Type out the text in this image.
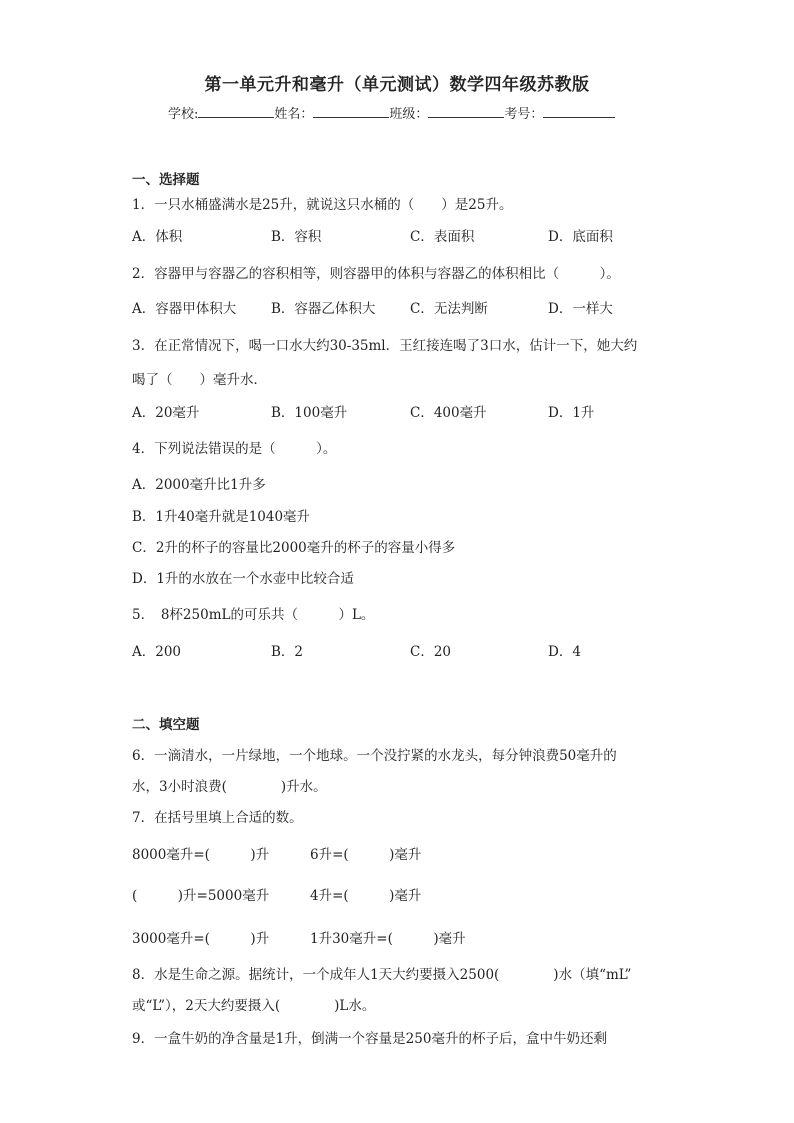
第一单元升和毫升（单元测试）数学四年级苏教版
学校:	姓名：	班级：	考号：
一、选择题
1．一只水桶盛满水是25升，就说这只水桶的（　　）是25升。
A．体积	B．容积	C．表面积	D．底面积
2．容器甲与容器乙的容积相等，则容器甲的体积与容器乙的体积相比（　　　）。
A．容器甲体积大	B．容器乙体积大	C．无法判断	D．一样大
3．在正常情况下，喝一口水大约30-35ml．王红接连喝了3口水，估计一下，她大约
喝了（　　）毫升水．
A．20毫升	B．100毫升	C．400毫升	D．1升
4．下列说法错误的是（　　　）。
A．2000毫升比1升多
B．1升40毫升就是1040毫升
C．2升的杯子的容量比2000毫升的杯子的容量小得多
D．1升的水放在一个水壶中比较合适
5．　8杯250mL的可乐共（　　　）L。
A．200	B．2	C．20	D．4
二、填空题
6．一滴清水，一片绿地，一个地球。一个没拧紧的水龙头，每分钟浪费50毫升的
水，3小时浪费(　　　　)升水。
7．在括号里填上合适的数。
8000毫升=(　　　)升	6升=(　　　)毫升
(　　　)升=5000毫升	4升=(　　　)毫升
3000毫升=(　　　)升	1升30毫升=(　　　)毫升
8．水是生命之源。据统计，一个成年人1天大约要摄入2500(　　　　)水（填“mL”
或“L”），2天大约要摄入(　　　　)L水。
9．一盒牛奶的净含量是1升，倒满一个容量是250毫升的杯子后，盒中牛奶还剩
